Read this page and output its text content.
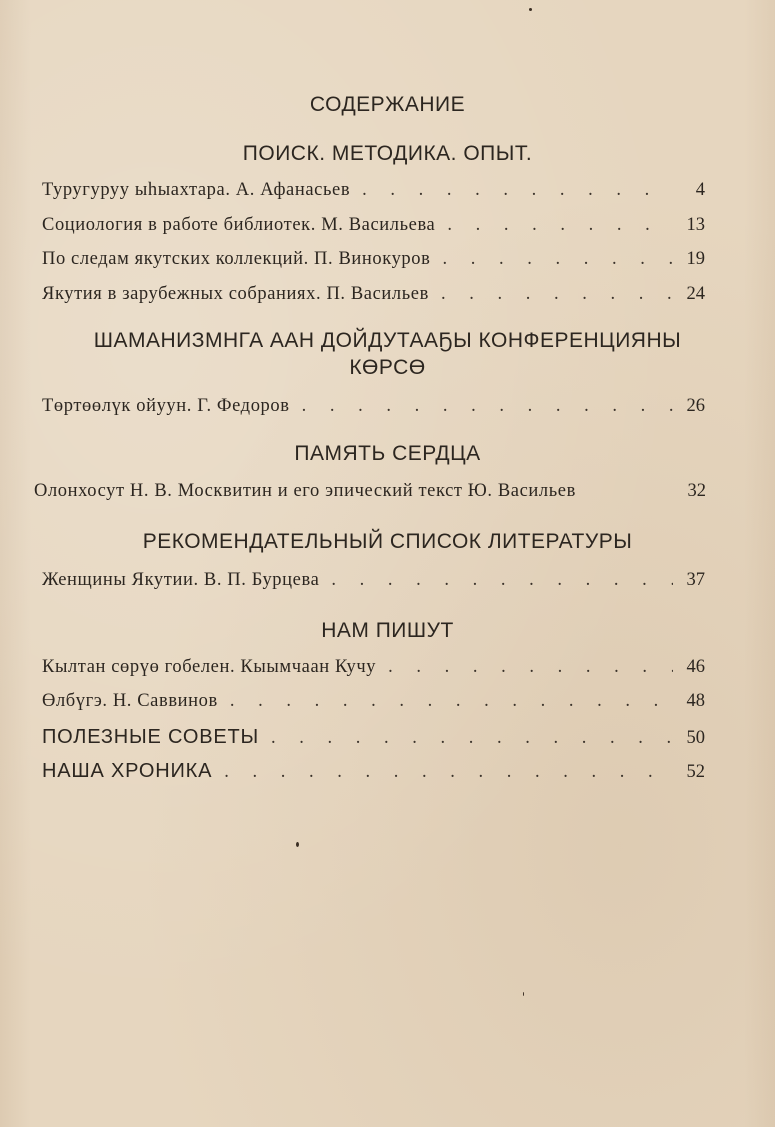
СОДЕРЖАНИЕ
ПОИСК. МЕТОДИКА. ОПЫТ.
Туругуруу ыhыахтара. А. Афанасьев . . .	4
Социология в работе библиотек. М. Васильева . . .	13
По следам якутских коллекций. П. Винокуров . . .	19
Якутия в зарубежных собраниях. П. Васильев . . .	24
ШАМАНИЗМНГА ААН ДОЙДУТААҔЫ КОНФЕРЕНЦИЯНЫ
КӨРСӨ
Төртөөлүк ойуун. Г. Федоров . . .	26
ПАМЯТЬ СЕРДЦА
Олонхосут Н. В. Москвитин и его эпический текст Ю. Васильев	32
РЕКОМЕНДАТЕЛЬНЫЙ СПИСОК ЛИТЕРАТУРЫ
Женщины Якутии. В. П. Бурцева . . .	37
НАМ ПИШУТ
Кылтан сөрүө гобелен. Кыымчаан Кучу . . .	46
Өлбүгэ. Н. Саввинов . . .	48
ПОЛЕЗНЫЕ СОВЕТЫ . . .	50
НАША ХРОНИКА . . .	52
